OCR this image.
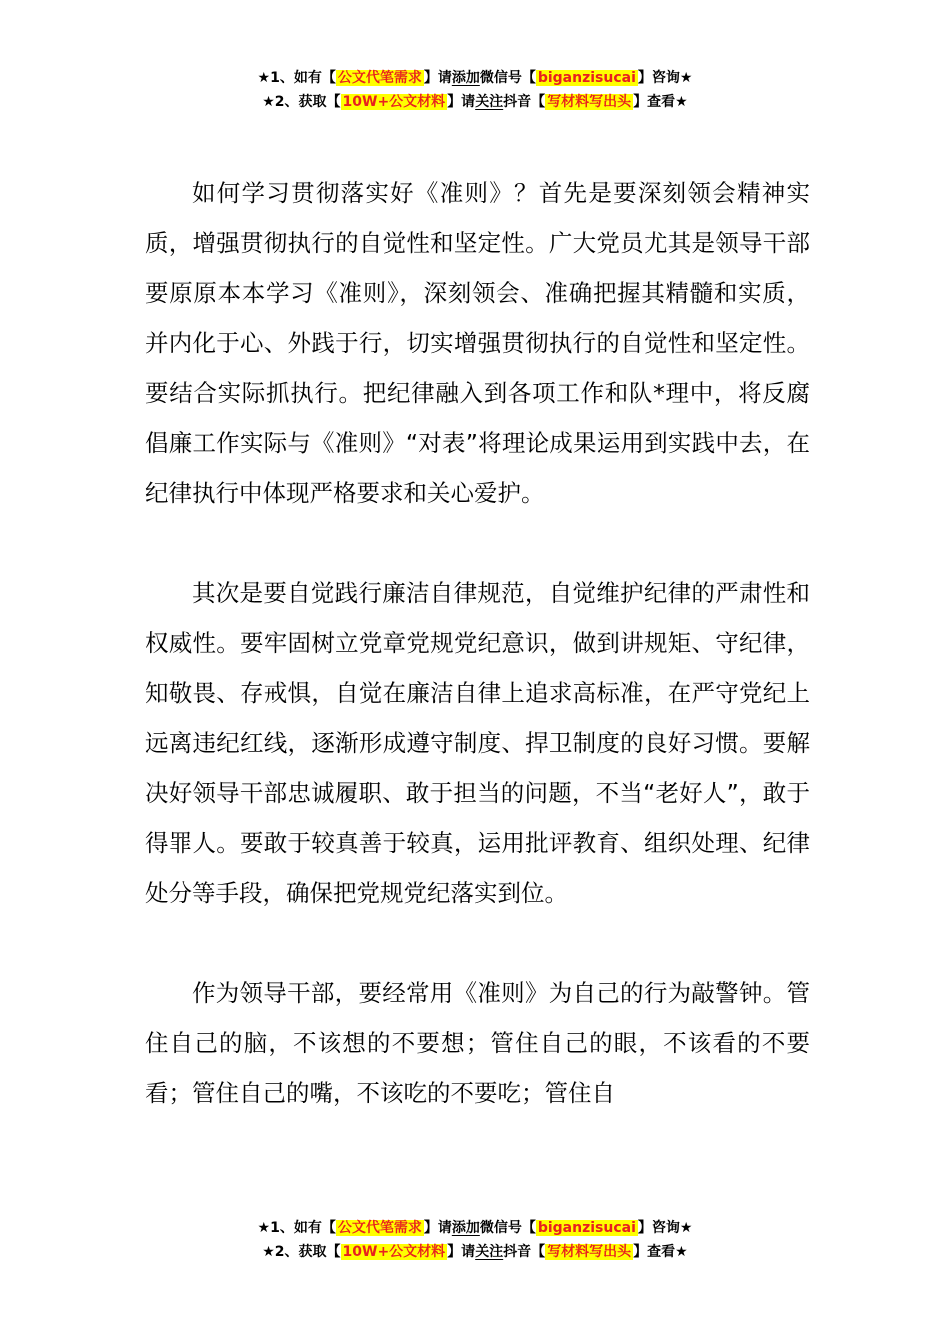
★1、如有【 公文代笔需求 】请添加微信号【 biganzisucai 】咨询★
★2、获取【 10W+公文材料 】请关注抖音【 写材料写出头 】查看★

如何学习贯彻落实好《准则》？首先是要深刻领会精神实质，增强贯彻执行的自觉性和坚定性。广大党员尤其是领导干部要原原本本学习《准则》，深刻领会、准确把握其精髓和实质，并内化于心、外践于行，切实增强贯彻执行的自觉性和坚定性。要结合实际抓执行。把纪律融入到各项工作和队*理中，将反腐倡廉工作实际与《准则》“对表”将理论成果运用到实践中去，在纪律执行中体现严格要求和关心爱护。

其次是要自觉践行廉洁自律规范，自觉维护纪律的严肃性和权威性。要牢固树立党章党规党纪意识，做到讲规矩、守纪律，知敬畏、存戒惧，自觉在廉洁自律上追求高标准，在严守党纪上远离违纪红线，逐渐形成遵守制度、捍卫制度的良好习惯。要解决好领导干部忠诚履职、敢于担当的问题，不当“老好人”，敢于得罪人。要敢于较真善于较真，运用批评教育、组织处理、纪律处分等手段，确保把党规党纪落实到位。

作为领导干部，要经常用《准则》为自己的行为敲警钟。管住自己的脑，不该想的不要想；管住自己的眼，不该看的不要看；管住自己的嘴，不该吃的不要吃；管住自

★1、如有【 公文代笔需求 】请添加微信号【 biganzisucai 】咨询★
★2、获取【 10W+公文材料 】请关注抖音【 写材料写出头 】查看★
